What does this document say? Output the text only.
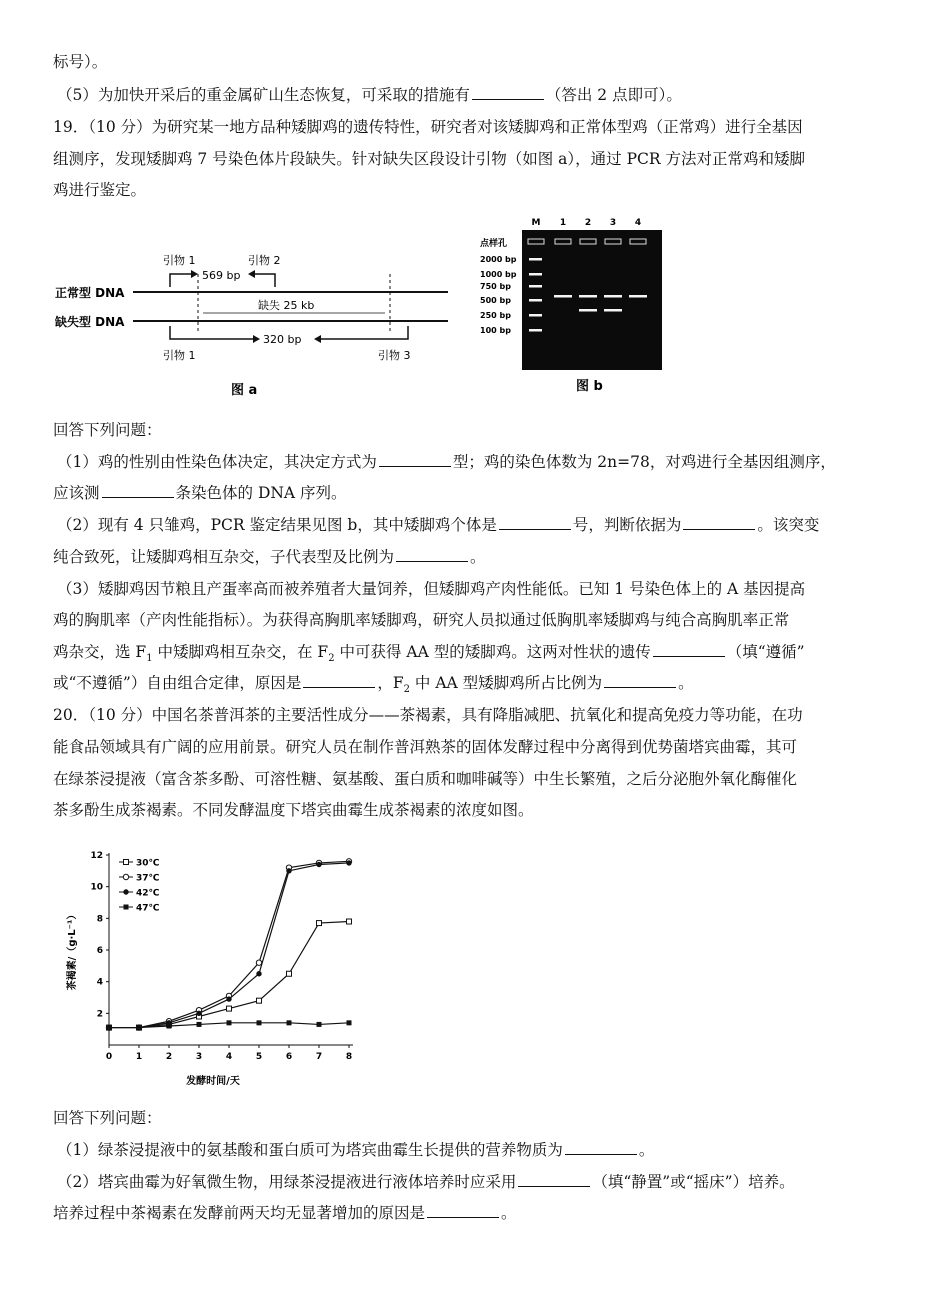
标号）。
（5）为加快开采后的重金属矿山生态恢复，可采取的措施有	（答出 2 点即可）。
19．（10 分）为研究某一地方品种矮脚鸡的遗传特性，研究者对该矮脚鸡和正常体型鸡（正常鸡）进行全基因
组测序，发现矮脚鸡 7 号染色体片段缺失。针对缺失区段设计引物（如图 a），通过 PCR 方法对正常鸡和矮脚
鸡进行鉴定。
正常型 DNA
缺失型 DNA
缺失 25 kb
引物 1	引物 2
569 bp
320 bp
引物 1	引物 3
图 a
M 1 2 3 4
点样孔
2000 bp
1000 bp
750 bp
500 bp
250 bp
100 bp
图 b
回答下列问题：
（1）鸡的性别由性染色体决定，其决定方式为	型；鸡的染色体数为 2n=78，对鸡进行全基因组测序，
应该测	条染色体的 DNA 序列。
（2）现有 4 只雏鸡，PCR 鉴定结果见图 b，其中矮脚鸡个体是	号，判断依据为	。该突变
纯合致死，让矮脚鸡相互杂交，子代表型及比例为	。
（3）矮脚鸡因节粮且产蛋率高而被养殖者大量饲养，但矮脚鸡产肉性能低。已知 1 号染色体上的 A 基因提高
鸡的胸肌率（产肉性能指标）。为获得高胸肌率矮脚鸡，研究人员拟通过低胸肌率矮脚鸡与纯合高胸肌率正常
鸡杂交，选 $F_1$ 中矮脚鸡相互杂交，在 $F_2$ 中可获得 AA 型的矮脚鸡。这两对性状的遗传	（填“遵循”
或“不遵循”）自由组合定律，原因是	，$F_2$ 中 AA 型矮脚鸡所占比例为	。
20．（10 分）中国名茶普洱茶的主要活性成分——茶褐素，具有降脂减肥、抗氧化和提高免疫力等功能，在功
能食品领域具有广阔的应用前景。研究人员在制作普洱熟茶的固体发酵过程中分离得到优势菌塔宾曲霉，其可
在绿茶浸提液（富含茶多酚、可溶性糖、氨基酸、蛋白质和咖啡碱等）中生长繁殖，之后分泌胞外氧化酶催化
茶多酚生成茶褐素。不同发酵温度下塔宾曲霉生成茶褐素的浓度如图。
0	1	2	3	4	5	6	7	8
2
4
6
8
10
12
30℃
37℃
42℃
47℃
发酵时间/天
茶褐素/（g·L⁻¹）
回答下列问题：
（1）绿茶浸提液中的氨基酸和蛋白质可为塔宾曲霉生长提供的营养物质为	。
（2）塔宾曲霉为好氧微生物，用绿茶浸提液进行液体培养时应采用	（填“静置”或“摇床”）培养。
培养过程中茶褐素在发酵前两天均无显著增加的原因是	。
